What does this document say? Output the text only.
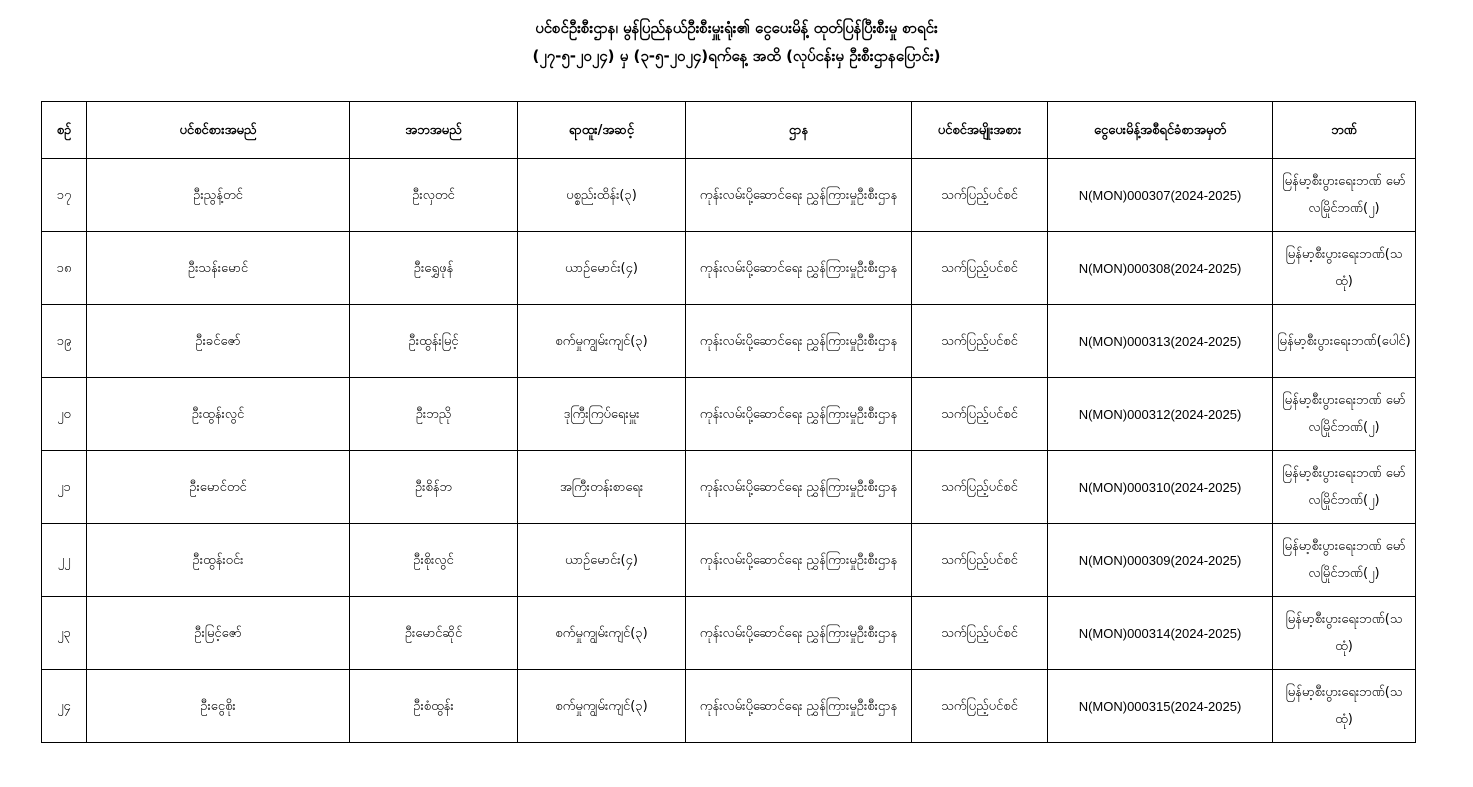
ပင်စင်ဦးစီးဌာန၊ မွန်ပြည်နယ်ဦးစီးမှူးရုံး၏ ငွေပေးမိန့် ထုတ်ပြန်ပြီးစီးမှု စာရင်း
(၂၇-၅-၂၀၂၄) မှ (၃-၅-၂၀၂၄)ရက်နေ့ အထိ (လုပ်ငန်းမှ ဦးစီးဌာနပြောင်း)
စဉ်	ပင်စင်စားအမည်	အဘအမည်	ရာထူး/အဆင့်	ဌာန	ပင်စင်အမျိုးအစား	ငွေပေးမိန့်အစီရင်ခံစာအမှတ်	ဘဏ်
၁၇	ဦးညွန့်တင်	ဦးလှတင်	ပစ္စည်းထိန်း(၃)	ကုန်းလမ်းပို့ဆောင်ရေး ညွှန်ကြားမှုဦးစီးဌာန	သက်ပြည့်ပင်စင်	N(MON)000307(2024-2025)	မြန်မာ့စီးပွားရေးဘဏ် မော်လမြိုင်ဘဏ်(၂)
၁၈	ဦးသန်းမောင်	ဦးရွှေဖုန်	ယာဉ်မောင်း(၄)	ကုန်းလမ်းပို့ဆောင်ရေး ညွှန်ကြားမှုဦးစီးဌာန	သက်ပြည့်ပင်စင်	N(MON)000308(2024-2025)	မြန်မာ့စီးပွားရေးဘဏ်(သထုံ)
၁၉	ဦးခင်ဇော်	ဦးထွန်းမြင့်	စက်မှုကျွမ်းကျင်(၃)	ကုန်းလမ်းပို့ဆောင်ရေး ညွှန်ကြားမှုဦးစီးဌာန	သက်ပြည့်ပင်စင်	N(MON)000313(2024-2025)	မြန်မာ့စီးပွားရေးဘဏ်(ပေါင်)
၂၀	ဦးထွန်းလွင်	ဦးဘညို	ဒုကြီးကြပ်ရေးမှူး	ကုန်းလမ်းပို့ဆောင်ရေး ညွှန်ကြားမှုဦးစီးဌာန	သက်ပြည့်ပင်စင်	N(MON)000312(2024-2025)	မြန်မာ့စီးပွားရေးဘဏ် မော်လမြိုင်ဘဏ်(၂)
၂၁	ဦးမောင်တင်	ဦးစိန်ဘ	အကြီးတန်းစာရေး	ကုန်းလမ်းပို့ဆောင်ရေး ညွှန်ကြားမှုဦးစီးဌာန	သက်ပြည့်ပင်စင်	N(MON)000310(2024-2025)	မြန်မာ့စီးပွားရေးဘဏ် မော်လမြိုင်ဘဏ်(၂)
၂၂	ဦးထွန်းဝင်း	ဦးစိုးလွင်	ယာဉ်မောင်း(၄)	ကုန်းလမ်းပို့ဆောင်ရေး ညွှန်ကြားမှုဦးစီးဌာန	သက်ပြည့်ပင်စင်	N(MON)000309(2024-2025)	မြန်မာ့စီးပွားရေးဘဏ် မော်လမြိုင်ဘဏ်(၂)
၂၃	ဦးမြင့်ဇော်	ဦးမောင်ဆိုင်	စက်မှုကျွမ်းကျင်(၃)	ကုန်းလမ်းပို့ဆောင်ရေး ညွှန်ကြားမှုဦးစီးဌာန	သက်ပြည့်ပင်စင်	N(MON)000314(2024-2025)	မြန်မာ့စီးပွားရေးဘဏ်(သထုံ)
၂၄	ဦးငွေစိုး	ဦးစံထွန်း	စက်မှုကျွမ်းကျင်(၃)	ကုန်းလမ်းပို့ဆောင်ရေး ညွှန်ကြားမှုဦးစီးဌာန	သက်ပြည့်ပင်စင်	N(MON)000315(2024-2025)	မြန်မာ့စီးပွားရေးဘဏ်(သထုံ)
